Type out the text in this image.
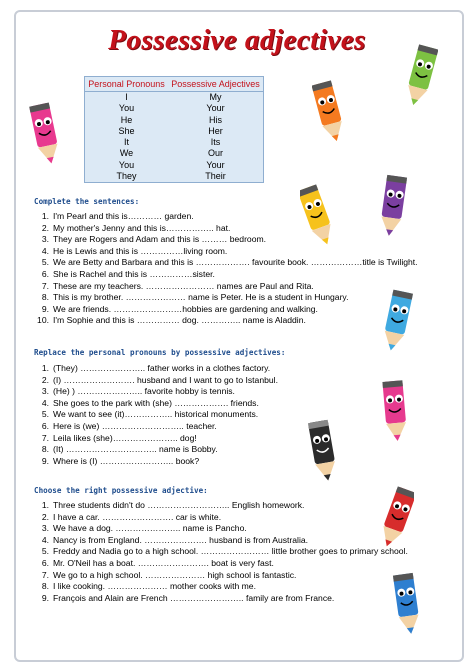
Possessive adjectives
Personal Pronouns	Possessive Adjectives
I	My
You	Your
He	His
She	Her
It	Its
We	Our
You	Your
They	Their
Complete the sentences:
1. I'm Pearl and this is………… garden.
2. My mother's Jenny and this is…………….. hat.
3. They are Rogers and Adam and this is ……… bedroom.
4. He is Lewis and this is ……………living room.
5. We are Betty and Barbara and this is ………………. favourite book. ………………title is Twilight.
6. She is Rachel and this is ……………sister.
7. These are my teachers. …………………… names are Paul and Rita.
8. This is my brother. ………………… name is Peter. He is a student in Hungary.
9. We are friends. ……………………hobbies are gardening and walking.
10. I'm Sophie and this is …………… dog. ………….. name is Aladdin.
Replace the personal pronouns by possessive adjectives:
1. (They) ………………….. father works in a clothes factory.
2. (I) ……………………. husband and I want to go to Istanbul.
3. (He) ) ………………….. favorite hobby is tennis.
4. She goes to the park with (she) ………………. friends.
5. We want to see (it)…………….. historical monuments.
6. Here is (we) ……………………….. teacher.
7. Leila likes (she)………………….. dog!
8. (It) ………………………….. name is Bobby.
9. Where is (I) …………………….. book?
Choose the right possessive adjective:
1. Three students didn't do ……………………….. English homework.
2. I have a car. ……………………. car is white.
3. We have a dog. ………………….. name is Pancho.
4. Nancy is from England. …………………. husband is from Australia.
5. Freddy and Nadia go to a high school. …………………… little brother goes to primary school.
6. Mr. O'Neil has a boat. ……………………. boat is very fast.
7. We go to a high school. ………………… high school is fantastic.
8. I like cooking. ………………… mother cooks with me.
9. François and Alain are French …………………….. family are from France.
